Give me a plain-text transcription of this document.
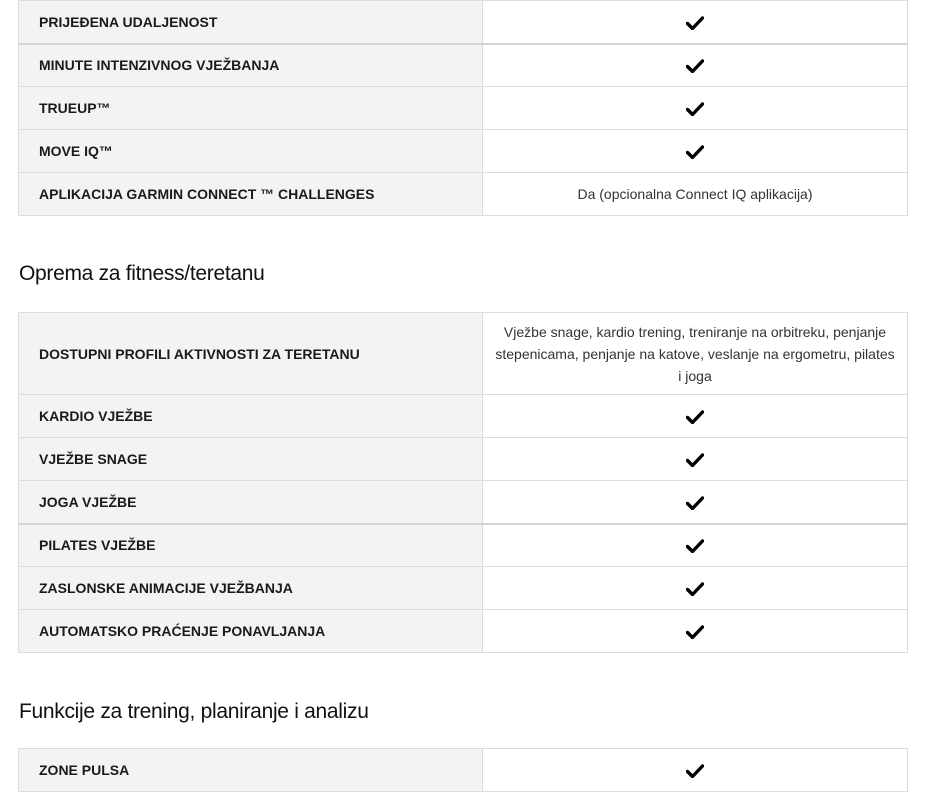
PRIJEĐENA UDALJENOST	
MINUTE INTENZIVNOG VJEŽBANJA	
TRUEUP™	
MOVE IQ™	
APLIKACIJA GARMIN CONNECT ™ CHALLENGES	Da (opcionalna Connect IQ aplikacija)
Oprema za fitness/teretanu
DOSTUPNI PROFILI AKTIVNOSTI ZA TERETANU	Vježbe snage, kardio trening, treniranje na orbitreku, penjanje stepenicama, penjanje na katove, veslanje na ergometru, pilates i joga

KARDIO VJEŽBE	
VJEŽBE SNAGE	
JOGA VJEŽBE	
PILATES VJEŽBE	
ZASLONSKE ANIMACIJE VJEŽBANJA	
AUTOMATSKO PRAĆENJE PONAVLJANJA	
Funkcije za trening, planiranje i analizu
ZONE PULSA	
